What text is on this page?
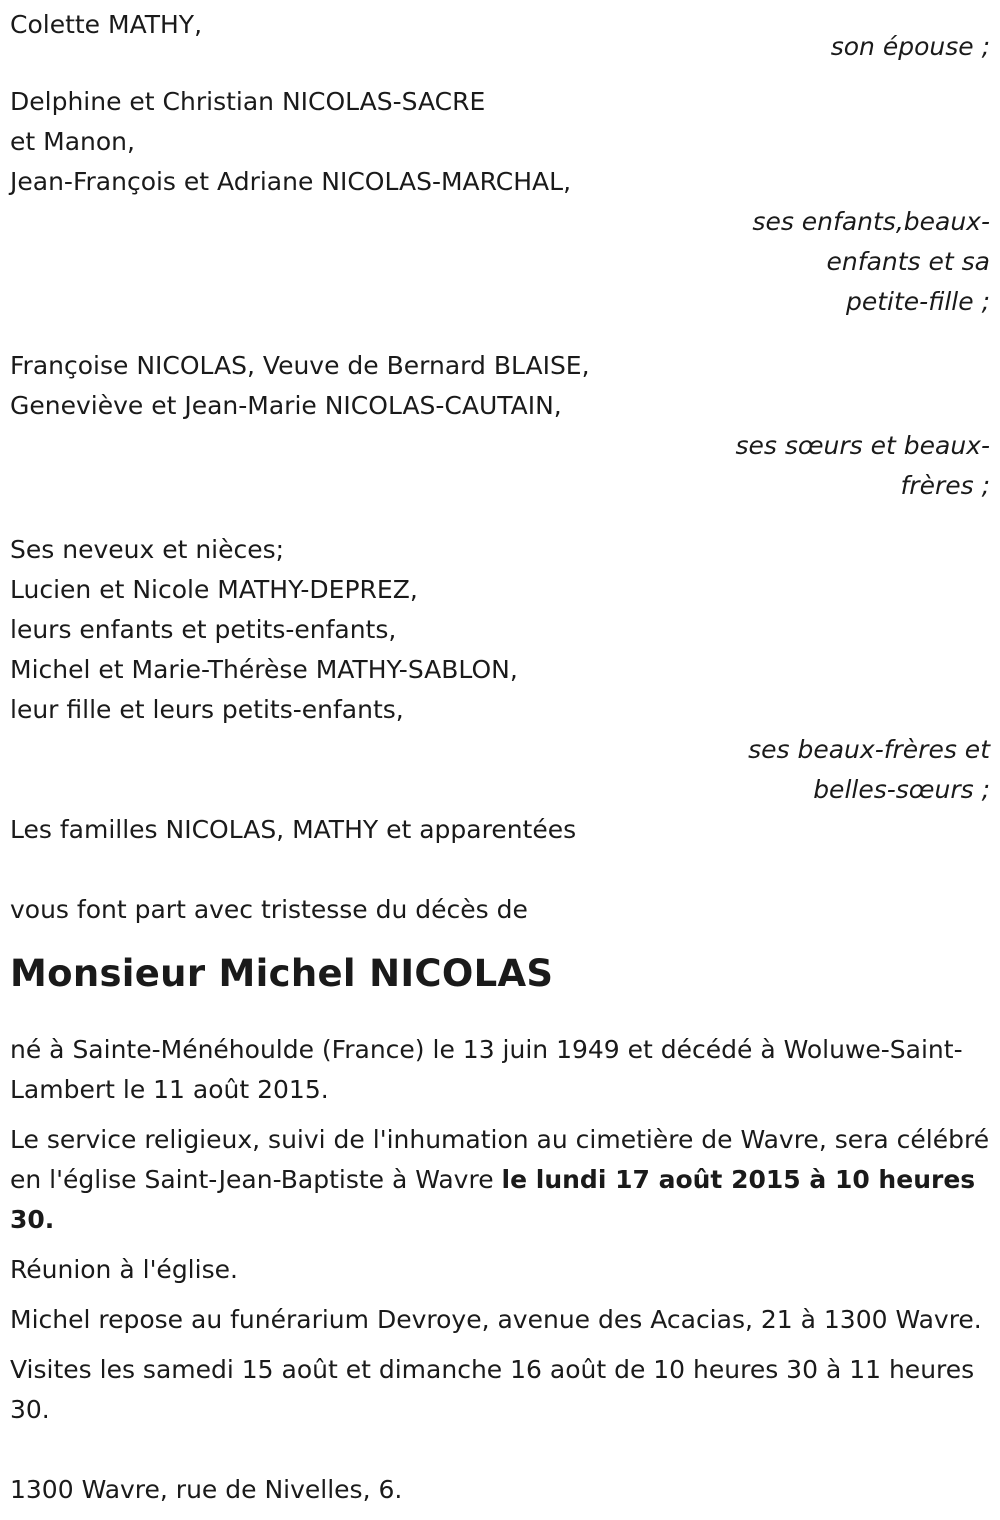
Colette MATHY,
son épouse ;
Delphine et Christian NICOLAS-SACRE
et Manon,
Jean-François et Adriane NICOLAS-MARCHAL,
ses enfants,beaux-
enfants et sa
petite-fille ;
Françoise NICOLAS, Veuve de Bernard BLAISE,
Geneviève et Jean-Marie NICOLAS-CAUTAIN,
ses sœurs et beaux-
frères ;
Ses neveux et nièces;
Lucien et Nicole MATHY-DEPREZ,
leurs enfants et petits-enfants,
Michel et Marie-Thérèse MATHY-SABLON,
leur fille et leurs petits-enfants,
ses beaux-frères et
belles-sœurs ;
Les familles NICOLAS, MATHY et apparentées
vous font part avec tristesse du décès de
Monsieur Michel NICOLAS
né à Sainte-Ménéhoulde (France) le 13 juin 1949 et décédé à Woluwe-Saint-Lambert le 11 août 2015.
Le service religieux, suivi de l'inhumation au cimetière de Wavre, sera célébré en l'église Saint-Jean-Baptiste à Wavre le lundi 17 août 2015 à 10 heures 30.
Réunion à l'église.
Michel repose au funérarium Devroye, avenue des Acacias, 21 à 1300 Wavre.
Visites les samedi 15 août et dimanche 16 août de 10 heures 30 à 11 heures 30.
1300 Wavre, rue de Nivelles, 6.
